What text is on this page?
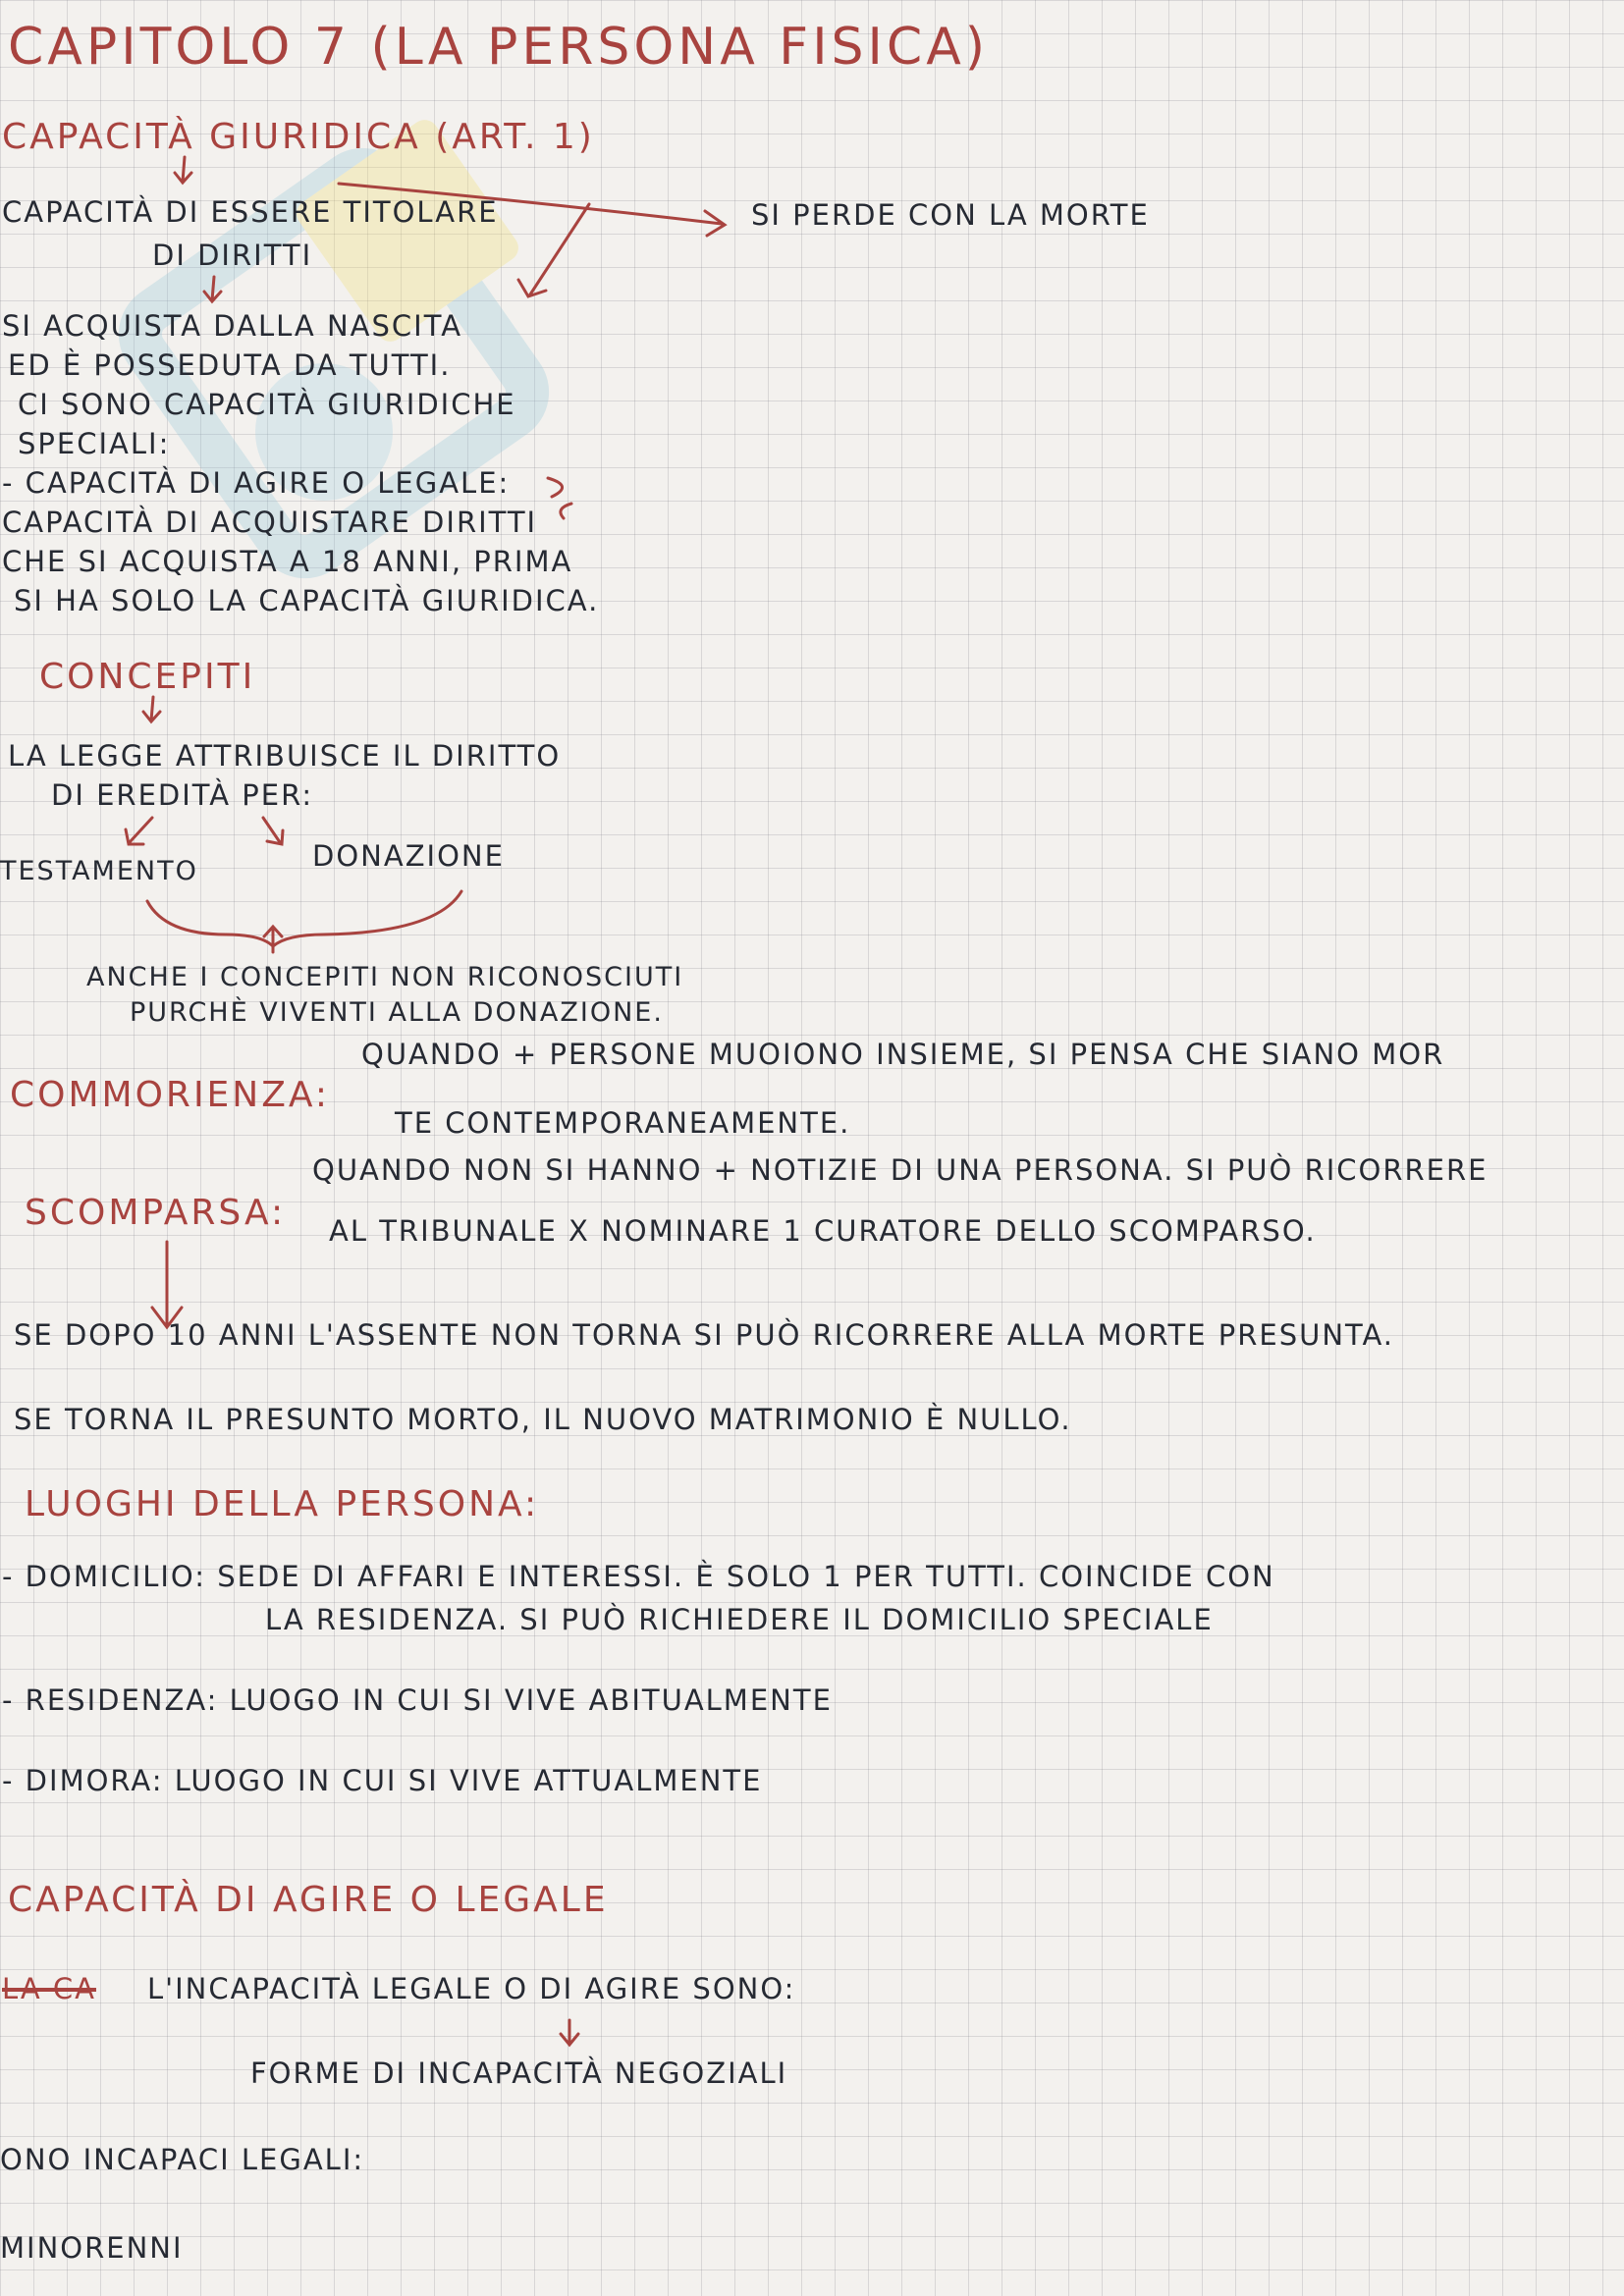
CAPITOLO 7 (LA PERSONA FISICA)
CAPACITÀ GIURIDICA (ART. 1)
CAPACITÀ DI ESSERE TITOLARE
DI DIRITTI
SI PERDE CON LA MORTE
SI ACQUISTA DALLA NASCITA
ED È POSSEDUTA DA TUTTI.
CI SONO CAPACITÀ GIURIDICHE
SPECIALI:
- CAPACITÀ DI AGIRE O LEGALE:
CAPACITÀ DI ACQUISTARE DIRITTI
CHE SI ACQUISTA A 18 ANNI, PRIMA
SI HA SOLO LA CAPACITÀ GIURIDICA.
CONCEPITI
LA LEGGE ATTRIBUISCE IL DIRITTO
DI EREDITÀ PER:
TESTAMENTO	DONAZIONE
ANCHE I CONCEPITI NON RICONOSCIUTI
PURCHÈ VIVENTI ALLA DONAZIONE.
COMMORIENZA:
QUANDO + PERSONE MUOIONO INSIEME, SI PENSA CHE SIANO MOR
TE CONTEMPORANEAMENTE.
SCOMPARSA:
QUANDO NON SI HANNO + NOTIZIE DI UNA PERSONA. SI PUÒ RICORRERE
AL TRIBUNALE X NOMINARE 1 CURATORE DELLO SCOMPARSO.
SE DOPO 10 ANNI L'ASSENTE NON TORNA SI PUÒ RICORRERE ALLA MORTE PRESUNTA.
SE TORNA IL PRESUNTO MORTO, IL NUOVO MATRIMONIO È NULLO.
LUOGHI DELLA PERSONA:
- DOMICILIO: SEDE DI AFFARI E INTERESSI. È SOLO 1 PER TUTTI. COINCIDE CON
LA RESIDENZA. SI PUÒ RICHIEDERE IL DOMICILIO SPECIALE
- RESIDENZA: LUOGO IN CUI SI VIVE ABITUALMENTE
- DIMORA: LUOGO IN CUI SI VIVE ATTUALMENTE
CAPACITÀ DI AGIRE O LEGALE
LA CA L'INCAPACITÀ LEGALE O DI AGIRE SONO:
FORME DI INCAPACITÀ NEGOZIALI
ONO INCAPACI LEGALI:
MINORENNI
